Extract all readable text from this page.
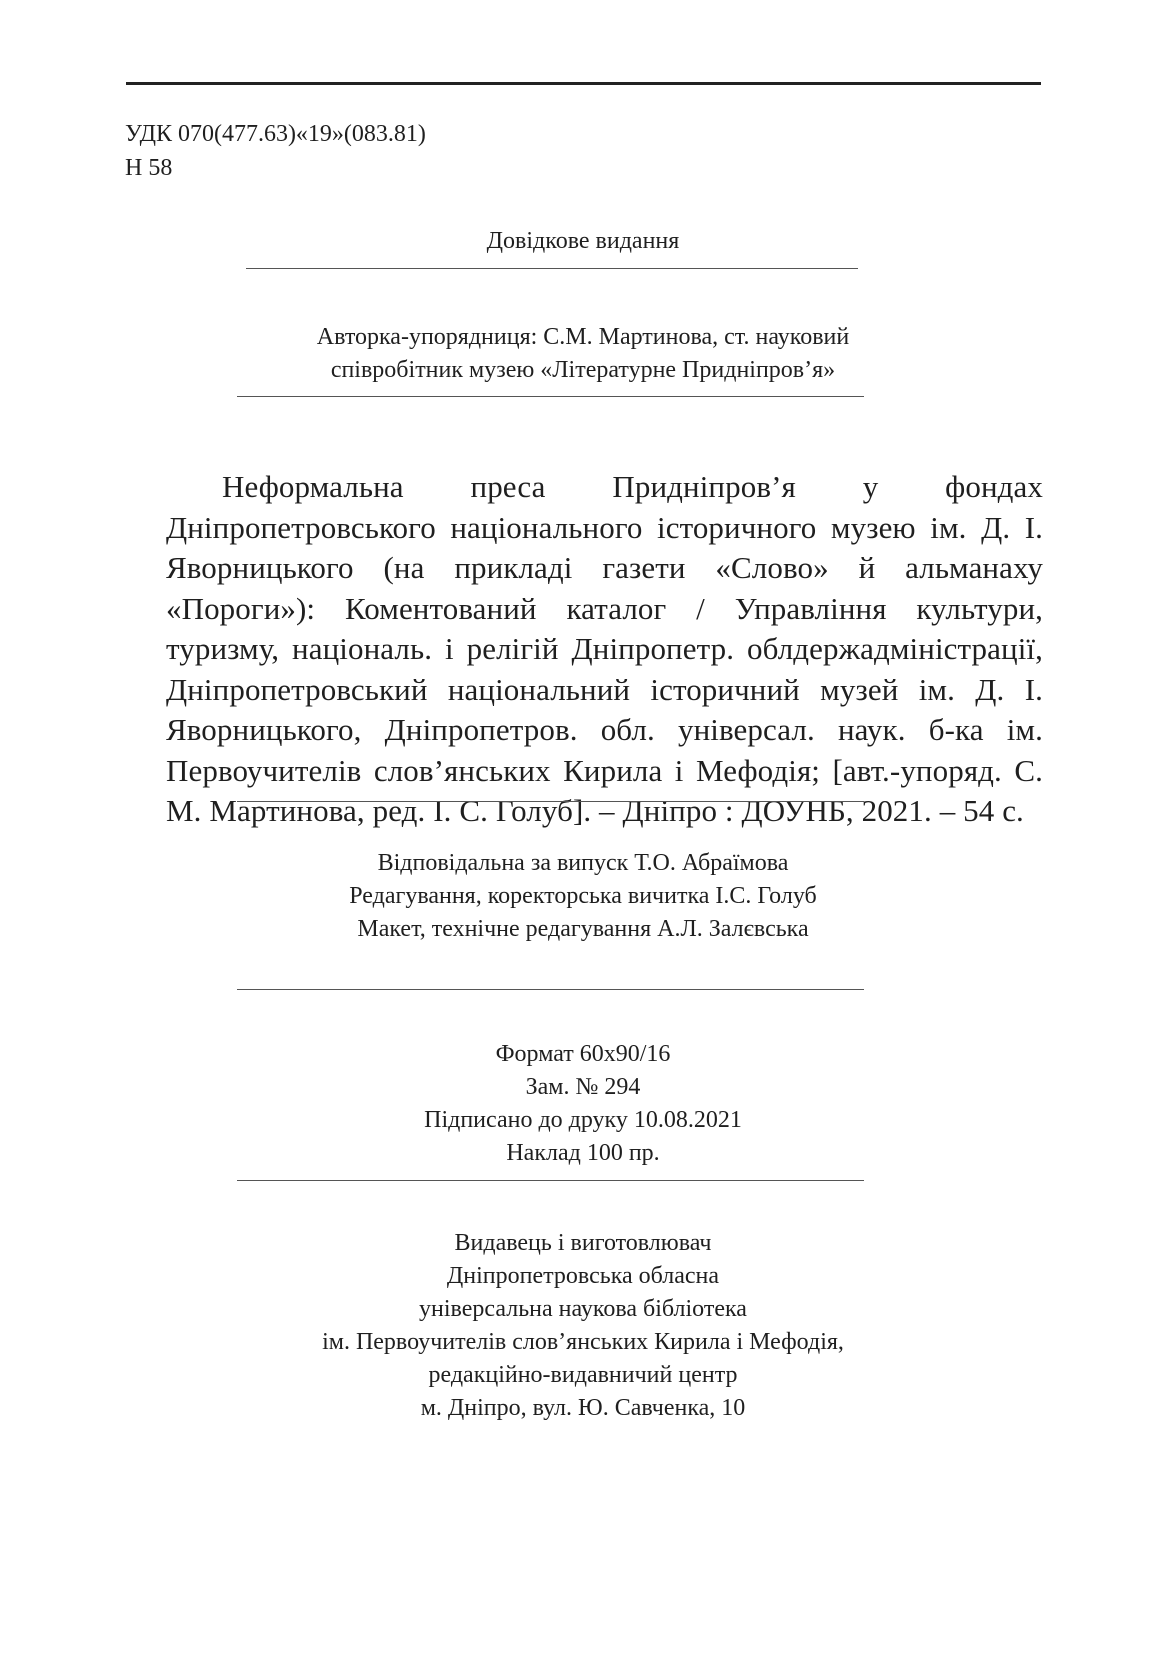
УДК 070(477.63)«19»(083.81)
Н 58
Довідкове видання
Авторка-упорядниця: С.М. Мартинова, ст. науковий
співробітник музею «Літературне Придніпров’я»

Неформальна преса Придніпров’я у фондах Дніпропетровського національного історичного музею ім. Д. І. Яворницького (на прикладі газети «Слово» й альманаху «Пороги»): Коментований каталог / Управління культури, туризму, національ. і релігій Дніпропетр. облдержадміністрації, Дніпропетровський національний історичний музей ім. Д. І. Яворницького, Дніпропетров. обл. універсал. наук. б-ка ім. Первоучителів слов’янських Кирила і Мефодія; [авт.-упоряд. С. М. Мартинова, ред. І. С. Голуб]. – Дніпро : ДОУНБ, 2021. – 54 с.

Відповідальна за випуск Т.О. Абраїмова
Редагування, коректорська вичитка І.С. Голуб
Макет, технічне редагування А.Л. Залєвська
Формат 60х90/16
Зам. № 294
Підписано до друку 10.08.2021
Наклад 100 пр.
Видавець і виготовлювач
Дніпропетровська обласна
універсальна наукова бібліотека
ім. Первоучителів слов’янських Кирила і Мефодія,
редакційно-видавничий центр
м. Дніпро, вул. Ю. Савченка, 10
